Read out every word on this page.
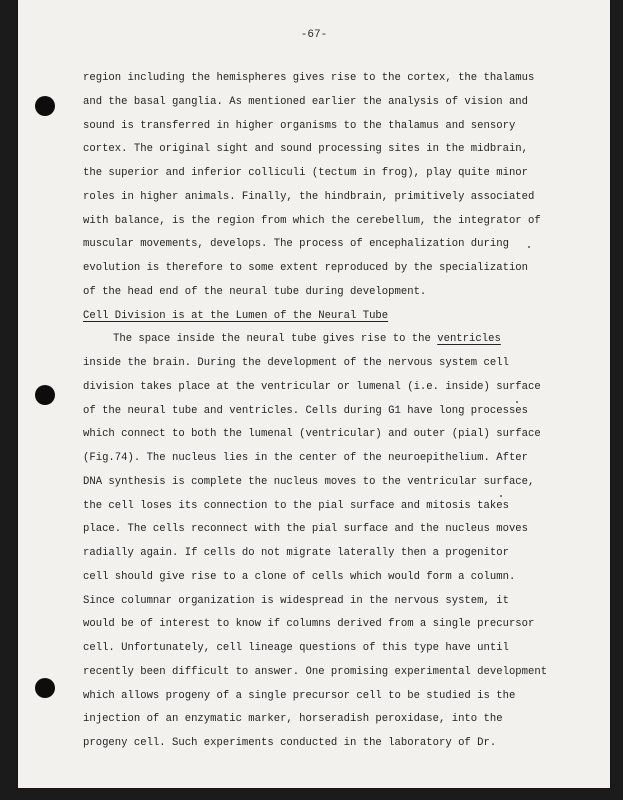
-67-
region including the hemispheres gives rise to the cortex, the thalamus
and the basal ganglia. As mentioned earlier the analysis of vision and
sound is transferred in higher organisms to the thalamus and sensory
cortex. The original sight and sound processing sites in the midbrain,
the superior and inferior colliculi (tectum in frog), play quite minor
roles in higher animals. Finally, the hindbrain, primitively associated
with balance, is the region from which the cerebellum, the integrator of
muscular movements, develops. The process of encephalization during
evolution is therefore to some extent reproduced by the specialization
of the head end of the neural tube during development.
Cell Division is at the Lumen of the Neural Tube
The space inside the neural tube gives rise to the ventricles
inside the brain. During the development of the nervous system cell
division takes place at the ventricular or lumenal (i.e. inside) surface
of the neural tube and ventricles. Cells during G1 have long processes
which connect to both the lumenal (ventricular) and outer (pial) surface
(Fig.74). The nucleus lies in the center of the neuroepithelium. After
DNA synthesis is complete the nucleus moves to the ventricular surface,
the cell loses its connection to the pial surface and mitosis takes
place. The cells reconnect with the pial surface and the nucleus moves
radially again. If cells do not migrate laterally then a progenitor
cell should give rise to a clone of cells which would form a column.
Since columnar organization is widespread in the nervous system, it
would be of interest to know if columns derived from a single precursor
cell. Unfortunately, cell lineage questions of this type have until
recently been difficult to answer. One promising experimental development
which allows progeny of a single precursor cell to be studied is the
injection of an enzymatic marker, horseradish peroxidase, into the
progeny cell. Such experiments conducted in the laboratory of Dr.
